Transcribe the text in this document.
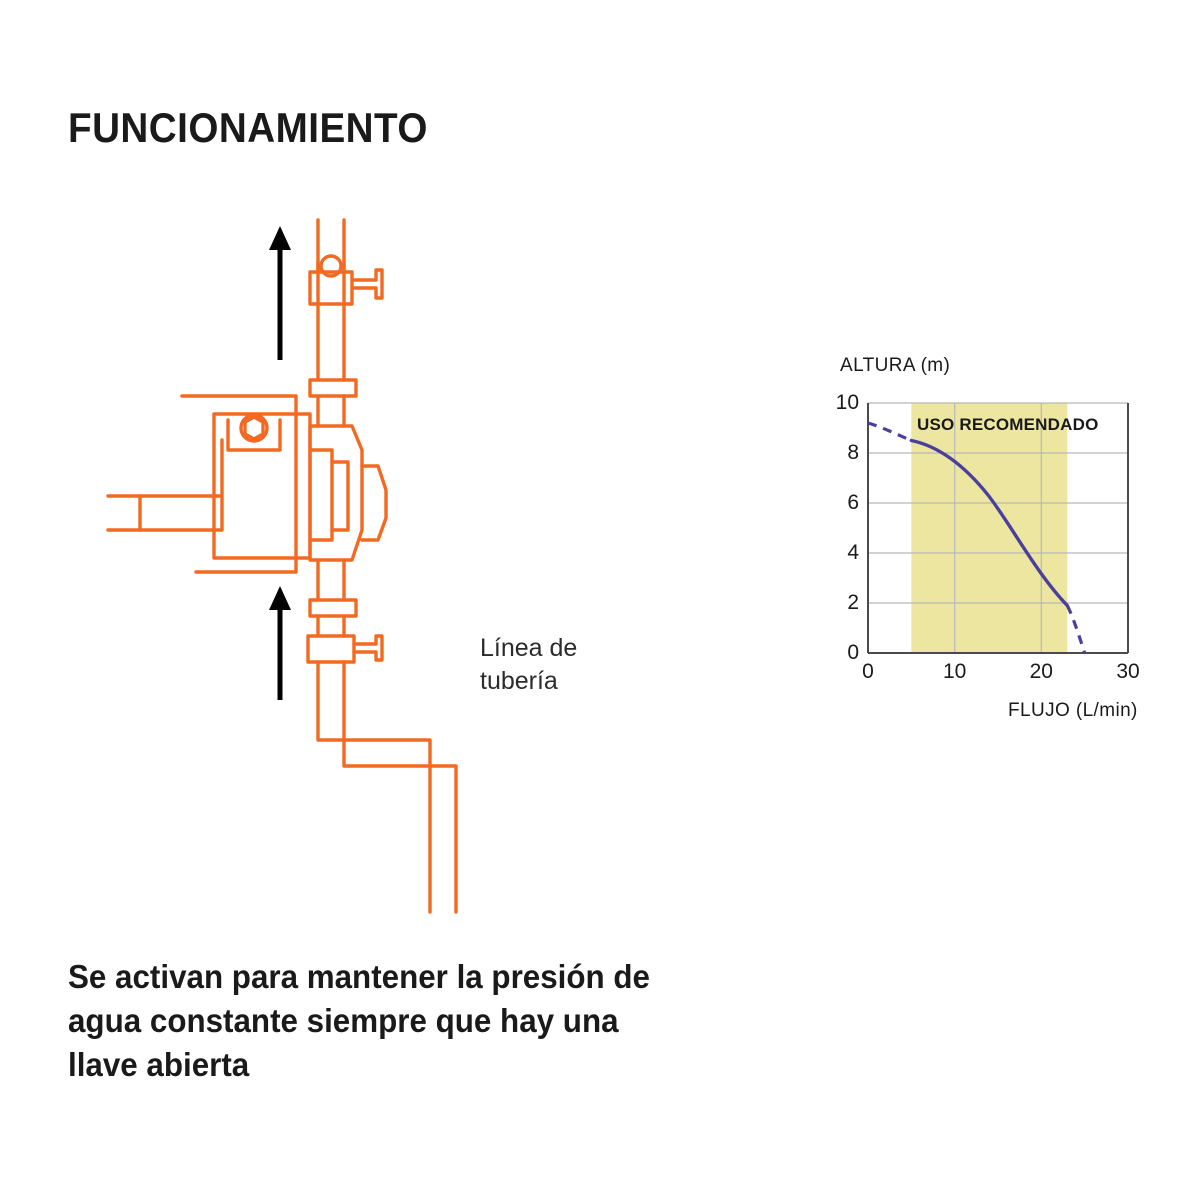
FUNCIONAMIENTO
Línea de
tubería
Se activan para mantener la presión de agua constante siempre que hay una llave abierta
ALTURA (m)
FLUJO (L/min)
10
8
6
4
2
0
0	10	20	30
USO RECOMENDADO
